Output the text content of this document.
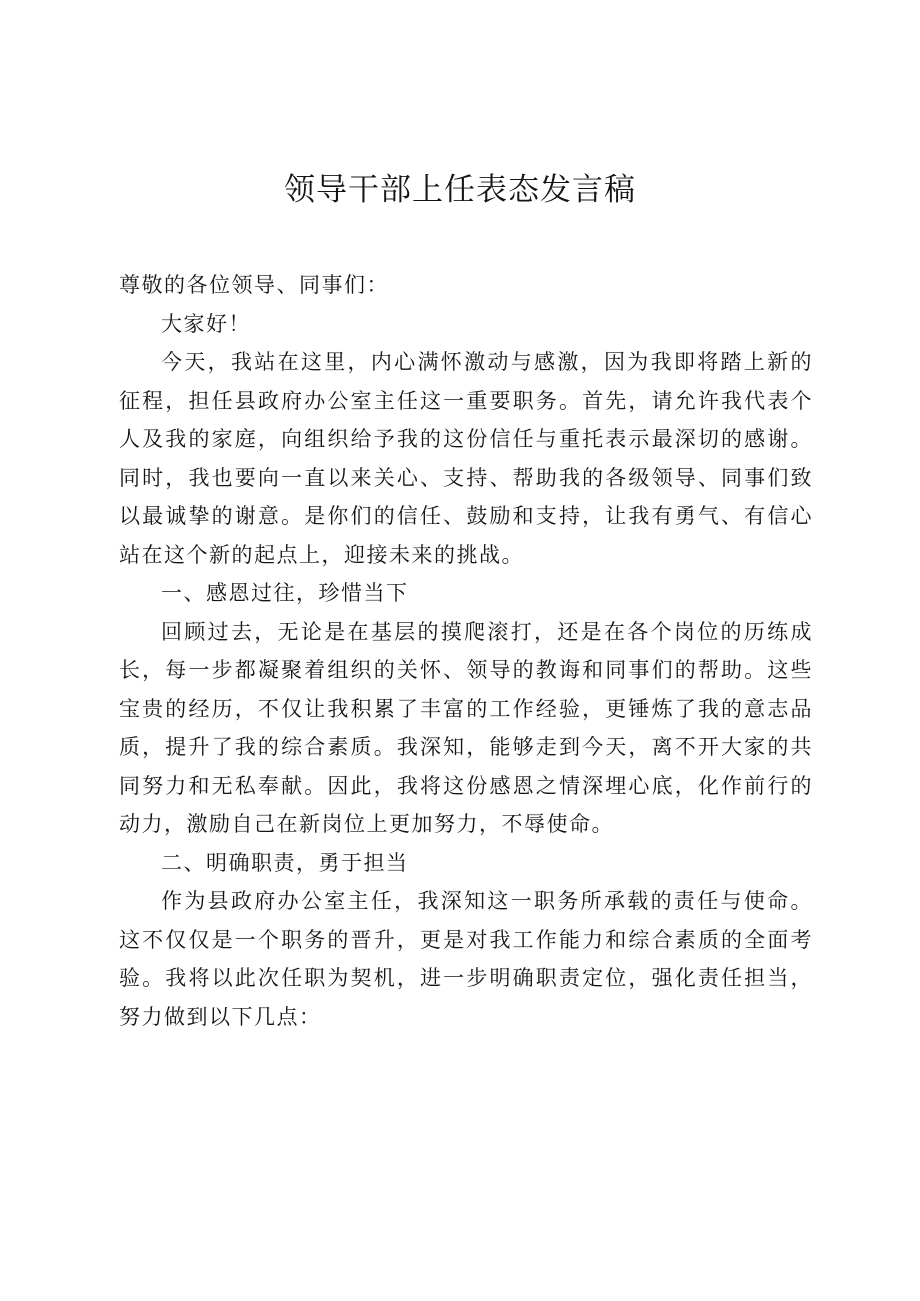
领导干部上任表态发言稿

尊敬的各位领导、同事们：

大家好！

今天，我站在这里，内心满怀激动与感激，因为我即将踏上新的征程，担任县政府办公室主任这一重要职务。首先，请允许我代表个人及我的家庭，向组织给予我的这份信任与重托表示最深切的感谢。同时，我也要向一直以来关心、支持、帮助我的各级领导、同事们致以最诚挚的谢意。是你们的信任、鼓励和支持，让我有勇气、有信心站在这个新的起点上，迎接未来的挑战。

一、感恩过往，珍惜当下

回顾过去，无论是在基层的摸爬滚打，还是在各个岗位的历练成长，每一步都凝聚着组织的关怀、领导的教诲和同事们的帮助。这些宝贵的经历，不仅让我积累了丰富的工作经验，更锤炼了我的意志品质，提升了我的综合素质。我深知，能够走到今天，离不开大家的共同努力和无私奉献。因此，我将这份感恩之情深埋心底，化作前行的动力，激励自己在新岗位上更加努力，不辱使命。

二、明确职责，勇于担当

作为县政府办公室主任，我深知这一职务所承载的责任与使命。这不仅仅是一个职务的晋升，更是对我工作能力和综合素质的全面考验。我将以此次任职为契机，进一步明确职责定位，强化责任担当，努力做到以下几点：
